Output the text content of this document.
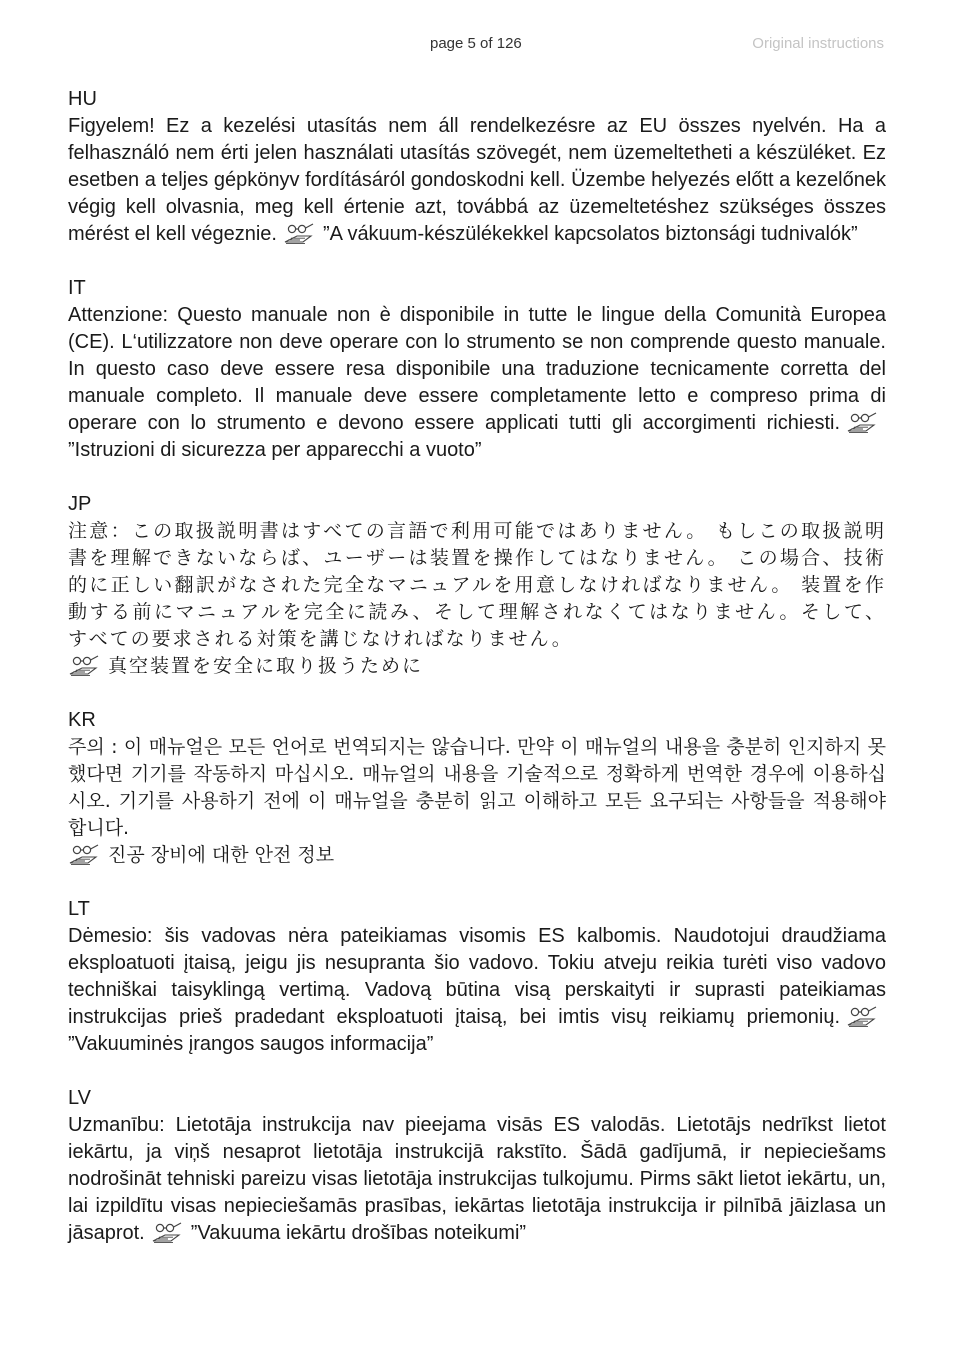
page 5 of 126	Original instructions
HU
Figyelem! Ez a kezelési utasítás nem áll rendelkezésre az EU összes nyelvén. Ha a felhasználó nem érti jelen használati utasítás szövegét, nem üzemeltetheti a készüléket. Ez esetben a teljes gépkönyv fordításáról gondoskodni kell. Üzembe helyezés előtt a kezelőnek végig kell olvasnia, meg kell értenie azt, továbbá az üzemeltetéshez szükséges összes mérést el kell végeznie. ”A vákuum-készülékekkel kapcsolatos biztonsági tudnivalók”
IT
Attenzione: Questo manuale non è disponibile in tutte le lingue della Comunità Europea (CE). L‘utilizzatore non deve operare con lo strumento se non comprende questo manuale. In questo caso deve essere resa disponibile una traduzione tecnicamente corretta del manuale completo. Il manuale deve essere completamente letto e compreso prima di operare con lo strumento e devono essere applicati tutti gli accorgimenti richiesti.
”Istruzioni di sicurezza per apparecchi a vuoto”
JP
注意：この取扱説明書はすべての言語で利用可能ではありません。 もしこの取扱説明書を理解できないならば、ユーザーは装置を操作してはなりません。 この場合、技術的に正しい翻訳がなされた完全なマニュアルを用意しなければなりません。 装置を作動する前にマニュアルを完全に読み、そして理解されなくてはなりません。そして、すべての要求される対策を講じなければなりません。
真空装置を安全に取り扱うために
KR
주의 : 이 매뉴얼은 모든 언어로 번역되지는 않습니다. 만약 이 매뉴얼의 내용을 충분히 인지하지 못했다면 기기를 작동하지 마십시오. 매뉴얼의 내용을 기술적으로 정확하게 번역한 경우에 이용하십시오. 기기를 사용하기 전에 이 매뉴얼을 충분히 읽고 이해하고 모든 요구되는 사항들을 적용해야 합니다.
진공 장비에 대한 안전 정보
LT
Dėmesio: šis vadovas nėra pateikiamas visomis ES kalbomis. Naudotojui draudžiama eksploatuoti įtaisą, jeigu jis nesupranta šio vadovo. Tokiu atveju reikia turėti viso vadovo techniškai taisyklingą vertimą. Vadovą būtina visą perskaityti ir suprasti pateikiamas instrukcijas prieš pradedant eksploatuoti įtaisą, bei imtis visų reikiamų priemonių.
”Vakuuminės įrangos saugos informacija”
LV
Uzmanību: Lietotāja instrukcija nav pieejama visās ES valodās. Lietotājs nedrīkst lietot iekārtu, ja viņš nesaprot lietotāja instrukcijā rakstīto. Šādā gadījumā, ir nepieciešams nodrošināt tehniski pareizu visas lietotāja instrukcijas tulkojumu. Pirms sākt lietot iekārtu, un, lai izpildītu visas nepieciešamās prasības, iekārtas lietotāja instrukcija ir pilnībā jāizlasa un jāsaprot. ”Vakuuma iekārtu drošības noteikumi”
